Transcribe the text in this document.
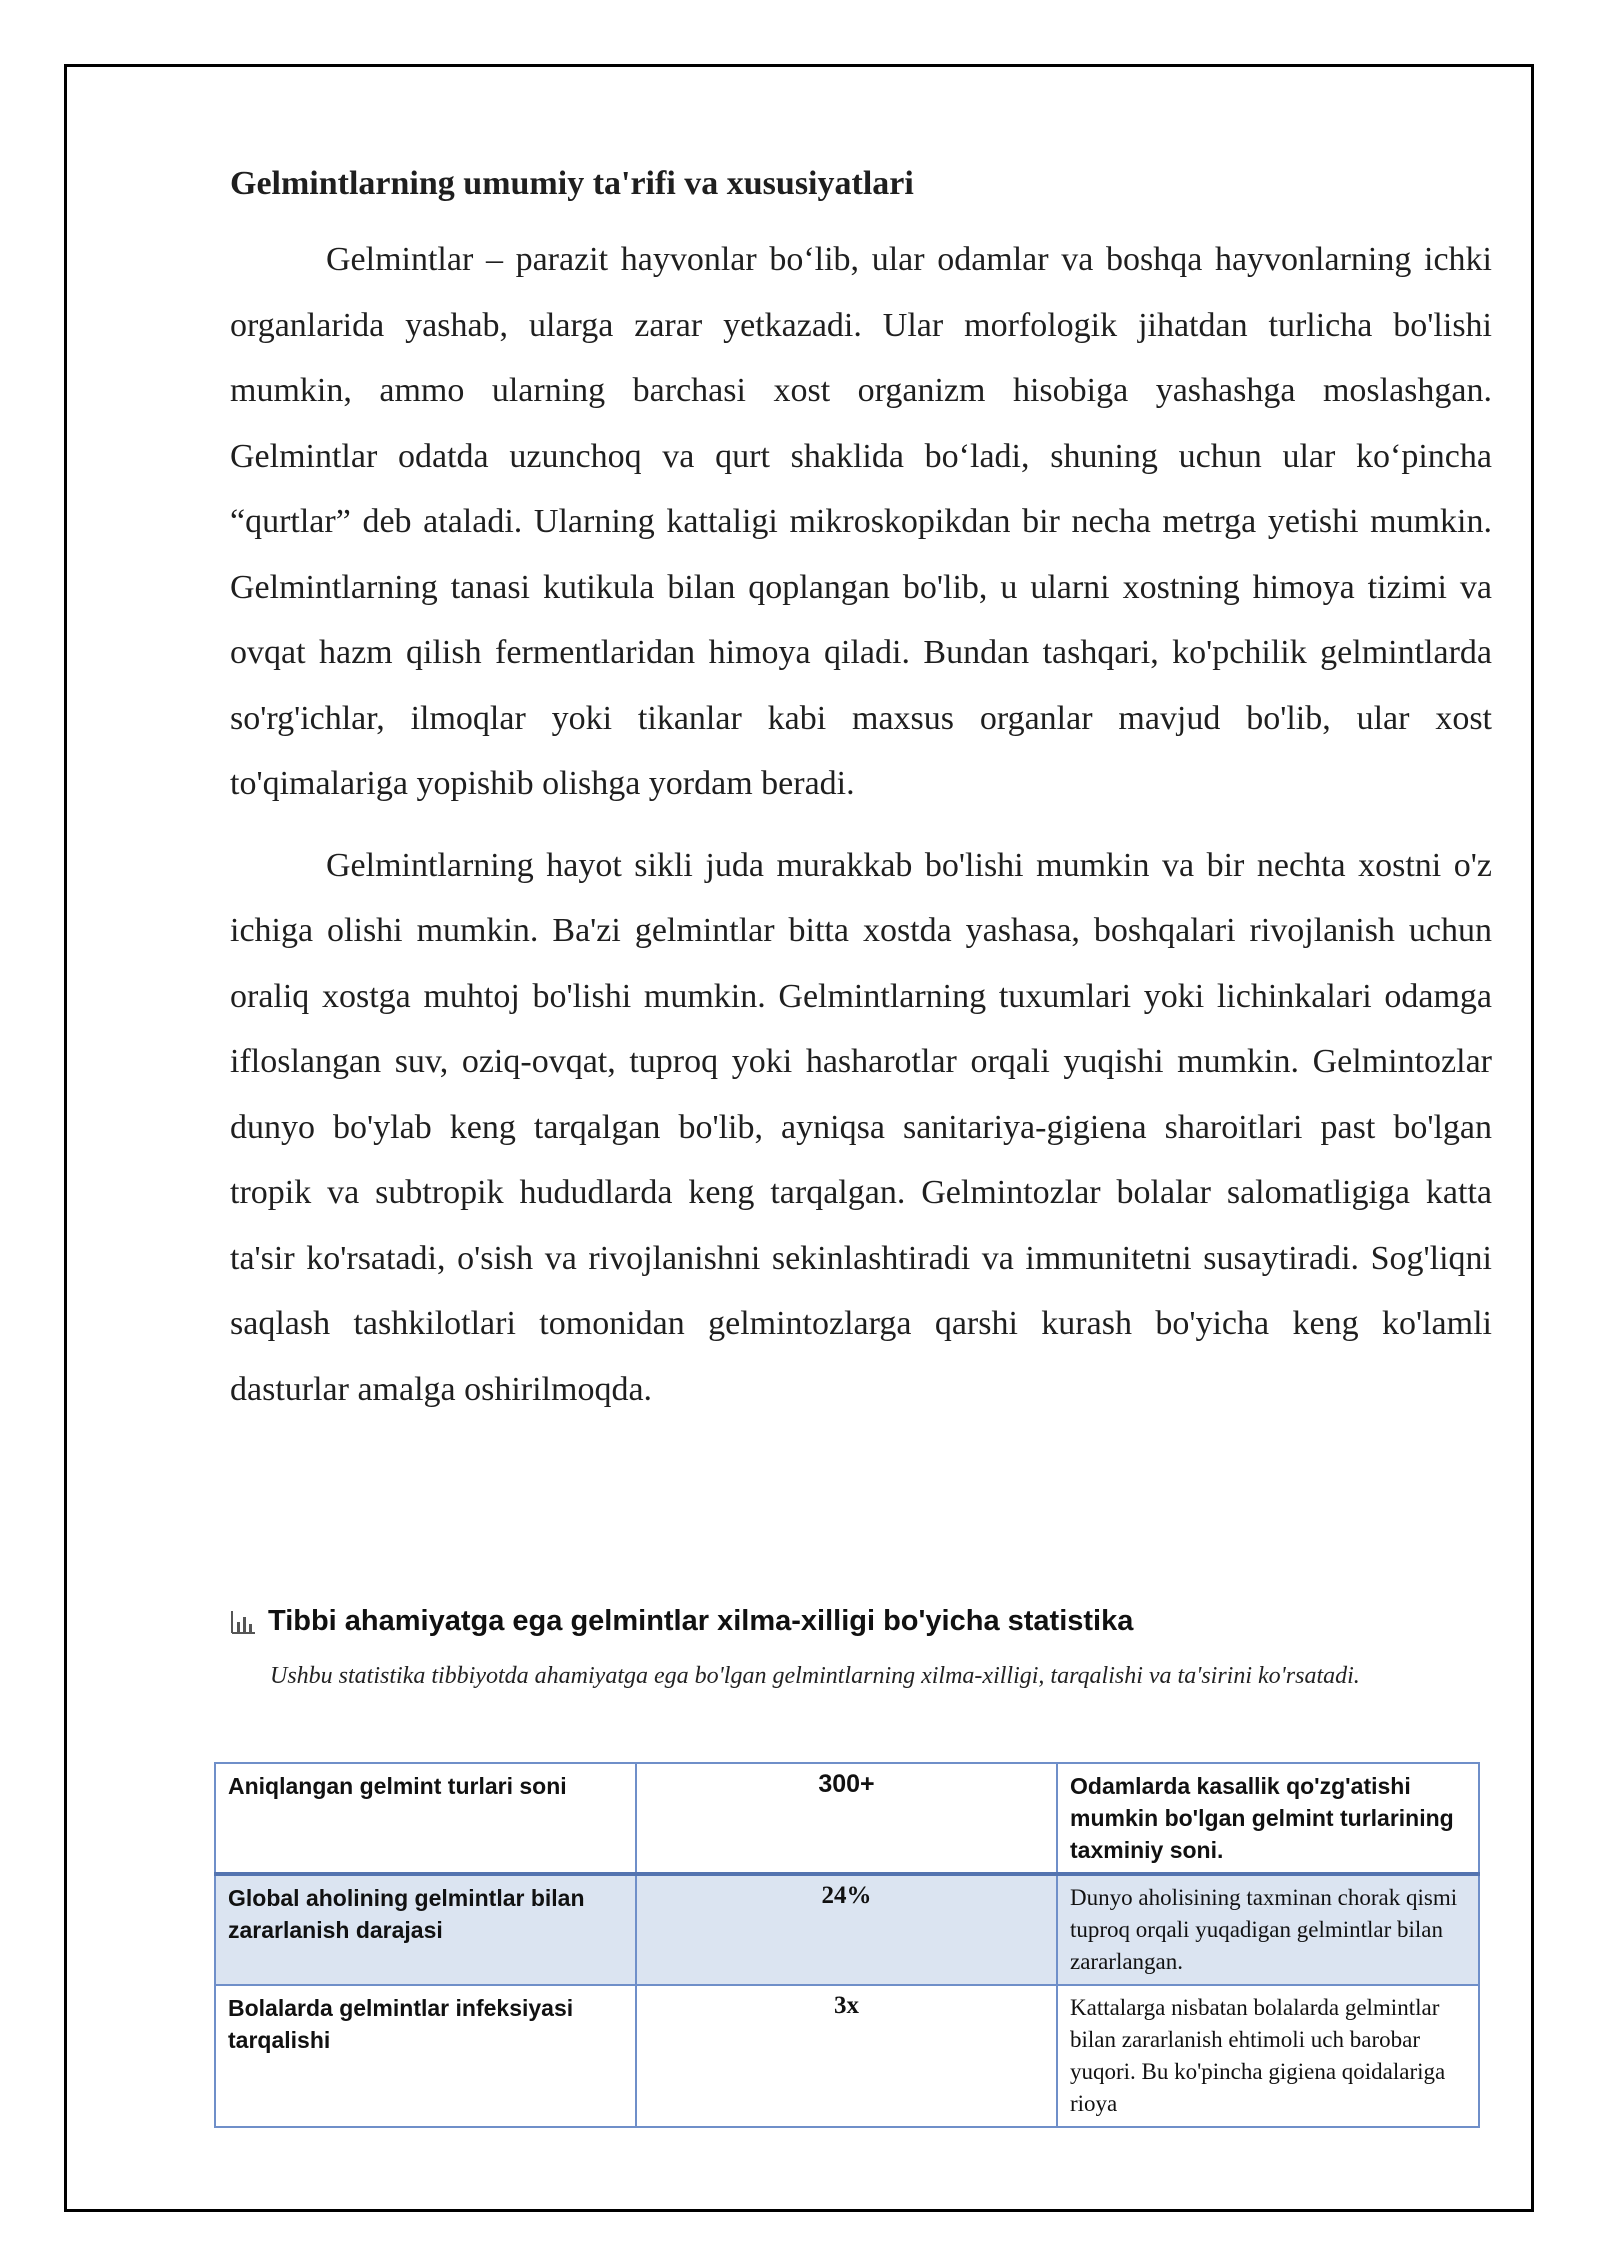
Gelmintlarning umumiy ta'rifi va xususiyatlari

Gelmintlar – parazit hayvonlar bo‘lib, ular odamlar va boshqa hayvonlarning ichki organlarida yashab, ularga zarar yetkazadi. Ular morfologik jihatdan turlicha bo'lishi mumkin, ammo ularning barchasi xost organizm hisobiga yashashga moslashgan. Gelmintlar odatda uzunchoq va qurt shaklida bo‘ladi, shuning uchun ular ko‘pincha “qurtlar” deb ataladi. Ularning kattaligi mikroskopikdan bir necha metrga yetishi mumkin. Gelmintlarning tanasi kutikula bilan qoplangan bo'lib, u ularni xostning himoya tizimi va ovqat hazm qilish fermentlaridan himoya qiladi. Bundan tashqari, ko'pchilik gelmintlarda so'rg'ichlar, ilmoqlar yoki tikanlar kabi maxsus organlar mavjud bo'lib, ular xost to'qimalariga yopishib olishga yordam beradi.

Gelmintlarning hayot sikli juda murakkab bo'lishi mumkin va bir nechta xostni o'z ichiga olishi mumkin. Ba'zi gelmintlar bitta xostda yashasa, boshqalari rivojlanish uchun oraliq xostga muhtoj bo'lishi mumkin. Gelmintlarning tuxumlari yoki lichinkalari odamga ifloslangan suv, oziq-ovqat, tuproq yoki hasharotlar orqali yuqishi mumkin. Gelmintozlar dunyo bo'ylab keng tarqalgan bo'lib, ayniqsa sanitariya-gigiena sharoitlari past bo'lgan tropik va subtropik hududlarda keng tarqalgan. Gelmintozlar bolalar salomatligiga katta ta'sir ko'rsatadi, o'sish va rivojlanishni sekinlashtiradi va immunitetni susaytiradi. Sog'liqni saqlash tashkilotlari tomonidan gelmintozlarga qarshi kurash bo'yicha keng ko'lamli dasturlar amalga oshirilmoqda.

Tibbi ahamiyatga ega gelmintlar xilma-xilligi bo'yicha statistika

Ushbu statistika tibbiyotda ahamiyatga ega bo'lgan gelmintlarning xilma-xilligi, tarqalishi va ta'sirini ko'rsatadi.

Aniqlangan gelmint turlari soni	300+	Odamlarda kasallik qo'zg'atishi mumkin bo'lgan gelmint turlarining taxminiy soni.
Global aholining gelmintlar bilan zararlanish darajasi	24%	Dunyo aholisining taxminan chorak qismi tuproq orqali yuqadigan gelmintlar bilan zararlangan.
Bolalarda gelmintlar infeksiyasi tarqalishi	3x	Kattalarga nisbatan bolalarda gelmintlar bilan zararlanish ehtimoli uch barobar yuqori. Bu ko'pincha gigiena qoidalariga rioya
